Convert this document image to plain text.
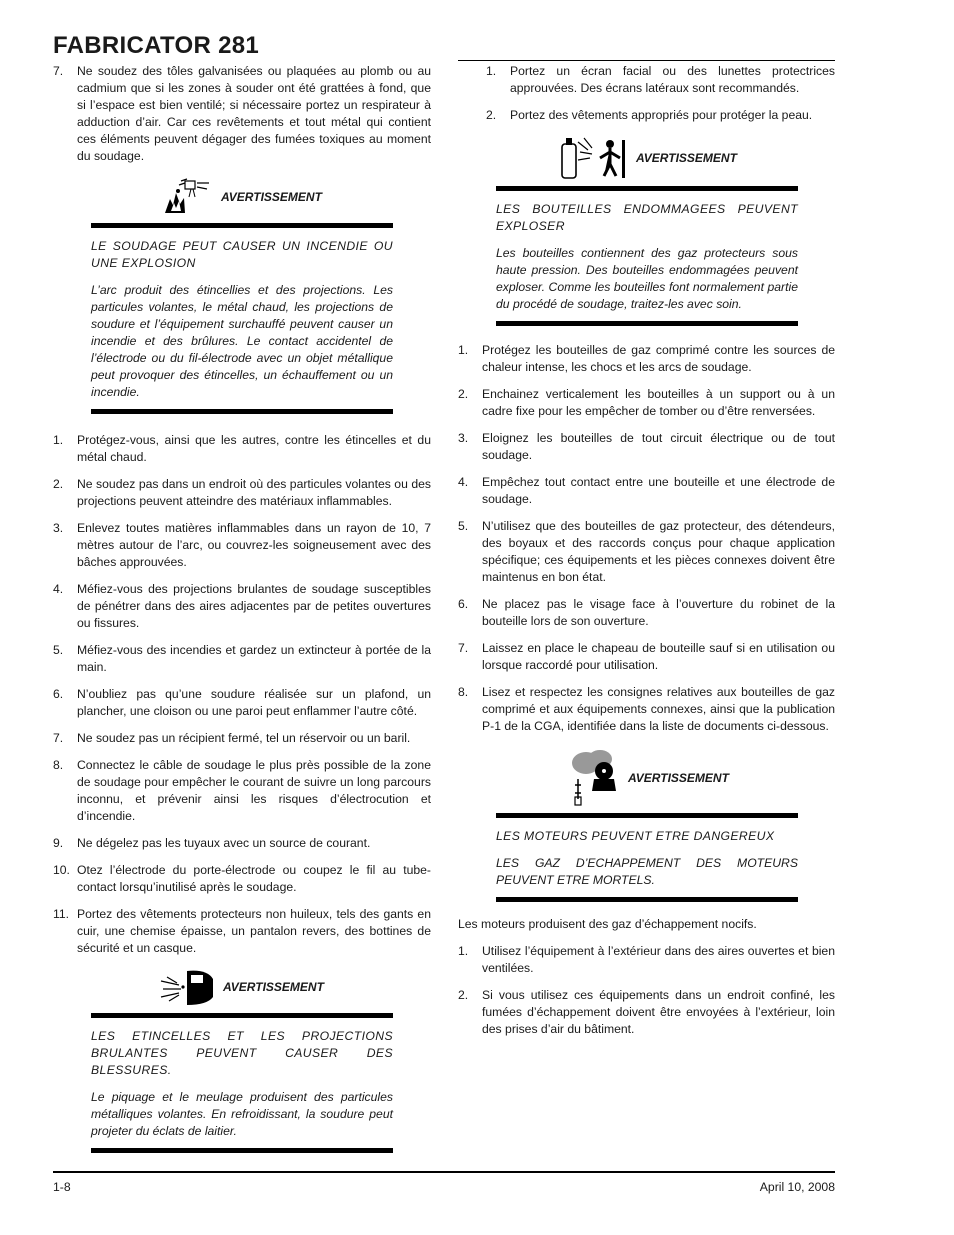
FABRICATOR 281
7.	Ne soudez des tôles galvanisées ou plaquées au plomb ou au cadmium que si les zones à souder ont été grattées à fond, que si l’espace est bien ventilé; si nécessaire portez un respirateur à adduction d’air. Car ces revêtements et tout métal qui contient ces éléments peuvent dégager des fumées toxiques au moment du soudage.
AVERTISSEMENT

LE SOUDAGE PEUT CAUSER UN INCENDIE OU UNE EXPLOSION

L’arc produit des étincellies et des projections. Les particules volantes, le métal chaud, les projections de soudure et l’équipement surchauffé peuvent causer un incendie et des brûlures. Le contact accidentel de l’électrode ou du fil-électrode avec un objet métallique peut provoquer des étincelles, un échauffement ou un incendie.

1.	Protégez-vous, ainsi que les autres, contre les étincelles et du métal chaud.
2.	Ne soudez pas dans un endroit où des particules volantes ou des projections peuvent atteindre des matériaux inflammables.
3.	Enlevez toutes matières inflammables dans un rayon de 10, 7 mètres autour de l’arc, ou couvrez-les soigneusement avec des bâches approuvées.
4.	Méfiez-vous des projections brulantes de soudage susceptibles de pénétrer dans des aires adjacentes par de petites ouvertures ou fissures.
5.	Méfiez-vous des incendies et gardez un extincteur à portée de la main.
6.	N’oubliez pas qu’une soudure réalisée sur un plafond, un plancher, une cloison ou une paroi peut enflammer l’autre côté.
7.	Ne soudez pas un récipient fermé, tel un réservoir ou un baril.
8.	Connectez le câble de soudage le plus près possible de la zone de soudage pour empêcher le courant de suivre un long parcours inconnu, et prévenir ainsi les risques d’électrocution et d’incendie.
9.	Ne dégelez pas les tuyaux avec un source de courant.
10. Otez l’électrode du porte-électrode ou coupez le fil au tube-contact lorsqu’inutilisé après le soudage.
11. Portez des vêtements protecteurs non huileux, tels des gants en cuir, une chemise épaisse, un pantalon revers, des bottines de sécurité et un casque.
AVERTISSEMENT

LES ETINCELLES ET LES PROJECTIONS BRULANTES PEUVENT CAUSER DES BLESSURES.

Le piquage et le meulage produisent des particules métalliques volantes. En refroidissant, la soudure peut projeter du éclats de laitier.

1.	Portez un écran facial ou des lunettes protectrices approuvées. Des écrans latéraux sont recommandés.
2.	Portez des vêtements appropriés pour protéger la peau.
AVERTISSEMENT

LES BOUTEILLES ENDOMMAGEES PEUVENT EXPLOSER

Les bouteilles contiennent des gaz protecteurs sous haute pression. Des bouteilles endommagées peuvent exploser. Comme les bouteilles font normalement partie du procédé de soudage, traitez-les avec soin.

1.	Protégez les bouteilles de gaz comprimé contre les sources de chaleur intense, les chocs et les arcs de soudage.
2.	Enchainez verticalement les bouteilles à un support ou à un cadre fixe pour les empêcher de tomber ou d’être renversées.
3.	Eloignez les bouteilles de tout circuit électrique ou de tout soudage.
4.	Empêchez tout contact entre une bouteille et une électrode de soudage.
5.	N’utilisez que des bouteilles de gaz protecteur, des détendeurs, des boyaux et des raccords conçus pour chaque application spécifique; ces équipements et les pièces connexes doivent être maintenus en bon état.
6.	Ne placez pas le visage face à l’ouverture du robinet de la bouteille lors de son ouverture.
7.	Laissez en place le chapeau de bouteille sauf si en utilisation ou lorsque raccordé pour utilisation.
8.	Lisez et respectez les consignes relatives aux bouteilles de gaz comprimé et aux équipements connexes, ainsi que la publication P-1 de la CGA, identifiée dans la liste de documents ci-dessous.
AVERTISSEMENT

LES MOTEURS PEUVENT ETRE DANGEREUX

LES GAZ D’ECHAPPEMENT DES MOTEURS PEUVENT ETRE MORTELS.

Les moteurs produisent des gaz d’échappement nocifs.

1.	Utilisez l’équipement à l’extérieur dans des aires ouvertes et bien ventilées.
2.	Si vous utilisez ces équipements dans un endroit confiné, les fumées d’échappement doivent être envoyées à l’extérieur, loin des prises d’air du bâtiment.
1-8	April 10, 2008
